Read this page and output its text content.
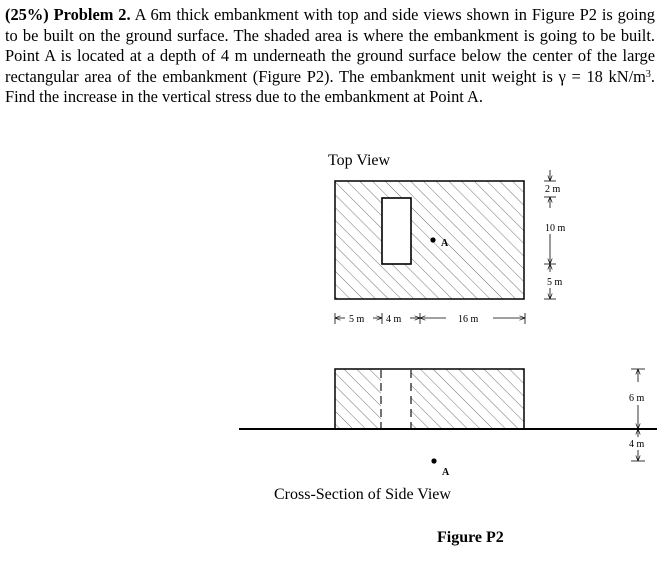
(25%) Problem 2. A 6m thick embankment with top and side views shown in Figure P2 is going to be built on the ground surface. The shaded area is where the embankment is going to be built. Point A is located at a depth of 4 m underneath the ground surface below the center of the large rectangular area of the embankment (Figure P2). The embankment unit weight is γ = 18 $kN/m^3$. Find the increase in the vertical stress due to the embankment at Point A.
Top View
A
2 m
10 m
5 m
5 m 4 m	16 m
A
6 m
4 m
Cross-Section of Side View
Figure P2
